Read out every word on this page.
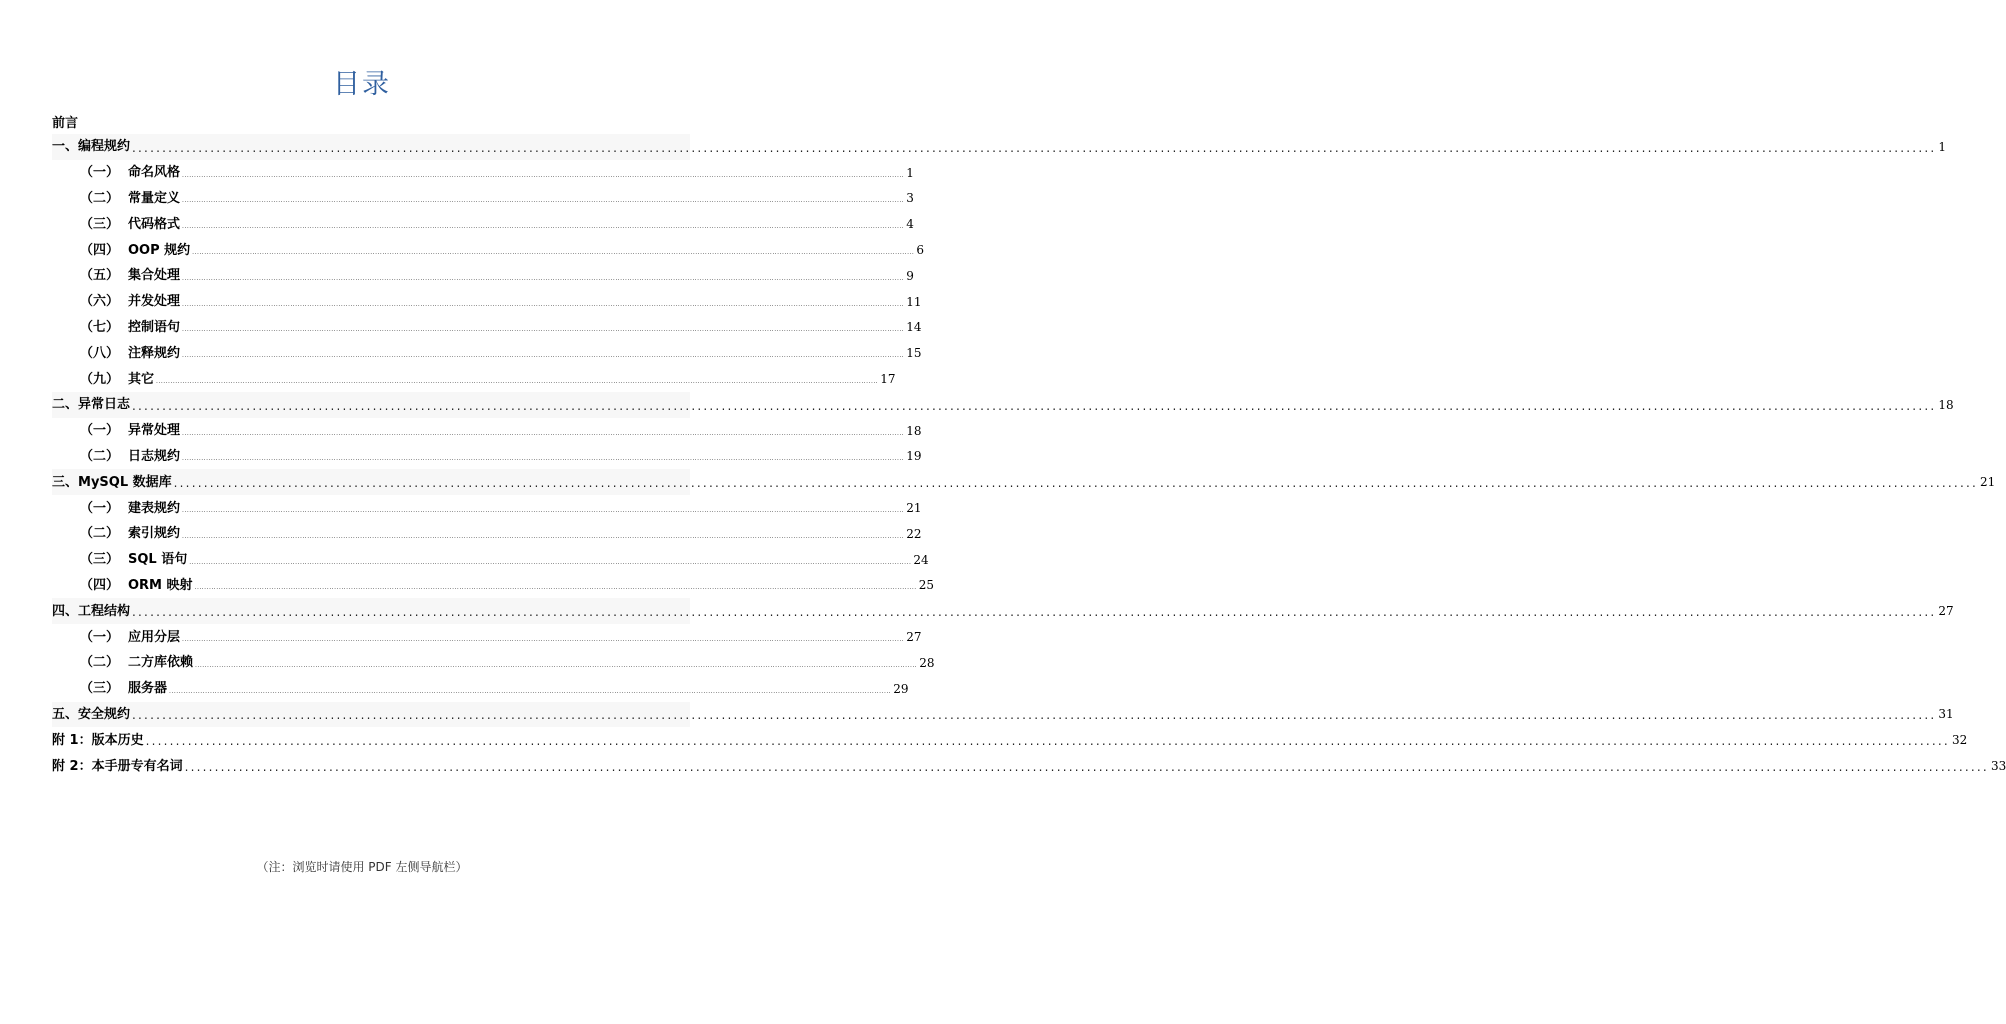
目录
前言
一、 编程规约 ............................................................................................................................................................................................................................................................................................................ 1
（一） 命名风格 ............................................................................................................................................................................................................................................................................................................ 1
（二） 常量定义 ............................................................................................................................................................................................................................................................................................................ 3
（三） 代码格式 ............................................................................................................................................................................................................................................................................................................ 4
（四） OOP 规约 ............................................................................................................................................................................................................................................................................................................ 6
（五） 集合处理 ............................................................................................................................................................................................................................................................................................................ 9
（六） 并发处理 ............................................................................................................................................................................................................................................................................................................ 11
（七） 控制语句 ............................................................................................................................................................................................................................................................................................................ 14
（八） 注释规约 ............................................................................................................................................................................................................................................................................................................ 15
（九） 其它 ............................................................................................................................................................................................................................................................................................................ 17
二、 异常日志 ............................................................................................................................................................................................................................................................................................................ 18
（一） 异常处理 ............................................................................................................................................................................................................................................................................................................ 18
（二） 日志规约 ............................................................................................................................................................................................................................................................................................................ 19
三、 MySQL 数据库 ............................................................................................................................................................................................................................................................................................................ 21
（一） 建表规约 ............................................................................................................................................................................................................................................................................................................ 21
（二） 索引规约 ............................................................................................................................................................................................................................................................................................................ 22
（三） SQL 语句 ............................................................................................................................................................................................................................................................................................................ 24
（四） ORM 映射 ............................................................................................................................................................................................................................................................................................................ 25
四、 工程结构 ............................................................................................................................................................................................................................................................................................................ 27
（一） 应用分层 ............................................................................................................................................................................................................................................................................................................ 27
（二） 二方库依赖 ............................................................................................................................................................................................................................................................................................................ 28
（三） 服务器 ............................................................................................................................................................................................................................................................................................................ 29
五、 安全规约 ............................................................................................................................................................................................................................................................................................................ 31
附 1： 版本历史 ............................................................................................................................................................................................................................................................................................................ 32
附 2： 本手册专有名词 ............................................................................................................................................................................................................................................................................................................ 33
（注：浏览时请使用 PDF 左侧导航栏）
